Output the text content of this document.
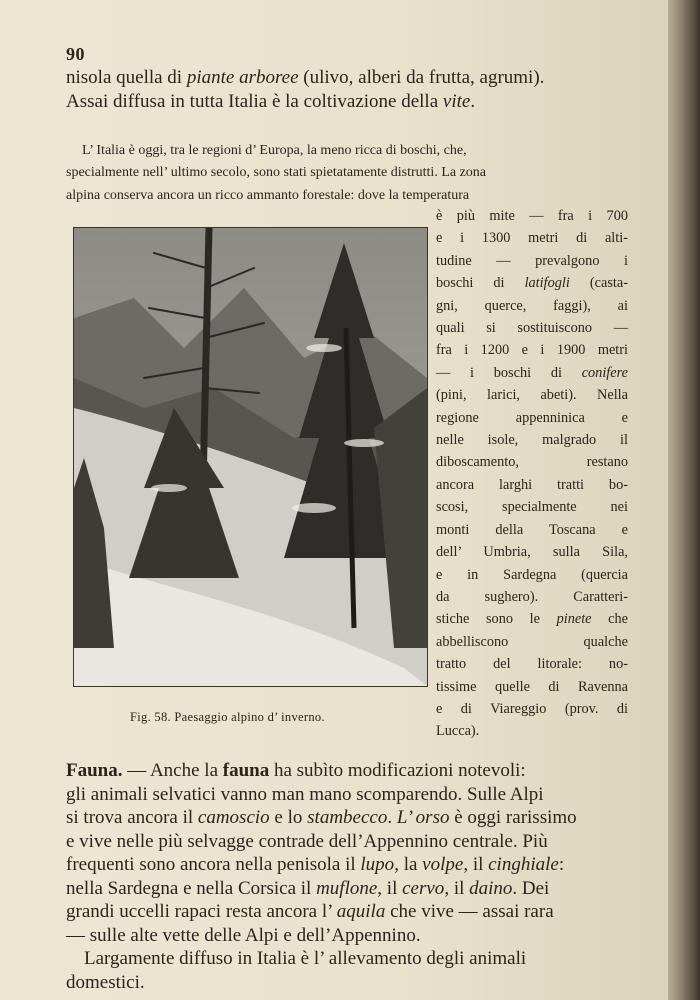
90
nisola quella di piante arboree (ulivo, alberi da frutta, agrumi).
Assai diffusa in tutta Italia è la coltivazione della vite.
L’ Italia è oggi, tra le regioni d’ Europa, la meno ricca di boschi, che,
specialmente nell’ ultimo secolo, sono stati spietatamente distrutti. La zona
alpina conserva ancora un ricco ammanto forestale: dove la temperatura
è più mite — fra i 700
e i 1300 metri di alti-
tudine — prevalgono i
boschi di latifogli (casta-
gni, querce, faggi), ai
quali si sostituiscono —
fra i 1200 e i 1900 metri
— i boschi di conifere
(pini, larici, abeti). Nella
regione appenninica e
nelle isole, malgrado il
diboscamento, restano
ancora larghi tratti bo-
scosi, specialmente nei
monti della Toscana e
dell’ Umbria, sulla Sila,
e in Sardegna (quercia
da sughero). Caratteri-
stiche sono le pinete che
abbelliscono qualche
tratto del litorale: no-
tissime quelle di Ravenna
e di Viareggio (prov. di
Lucca).
Fig. 58. Paesaggio alpino d’ inverno.
Fauna. — Anche la fauna ha subìto modificazioni notevoli:
gli animali selvatici vanno man mano scomparendo. Sulle Alpi
si trova ancora il camoscio e lo stambecco. L’ orso è oggi rarissimo
e vive nelle più selvagge contrade dell’Appennino centrale. Più
frequenti sono ancora nella penisola il lupo, la volpe, il cinghiale:
nella Sardegna e nella Corsica il muflone, il cervo, il daino. Dei
grandi uccelli rapaci resta ancora l’ aquila che vive — assai rara
— sulle alte vette delle Alpi e dell’Appennino.
Largamente diffuso in Italia è l’ allevamento degli animali
domestici.
